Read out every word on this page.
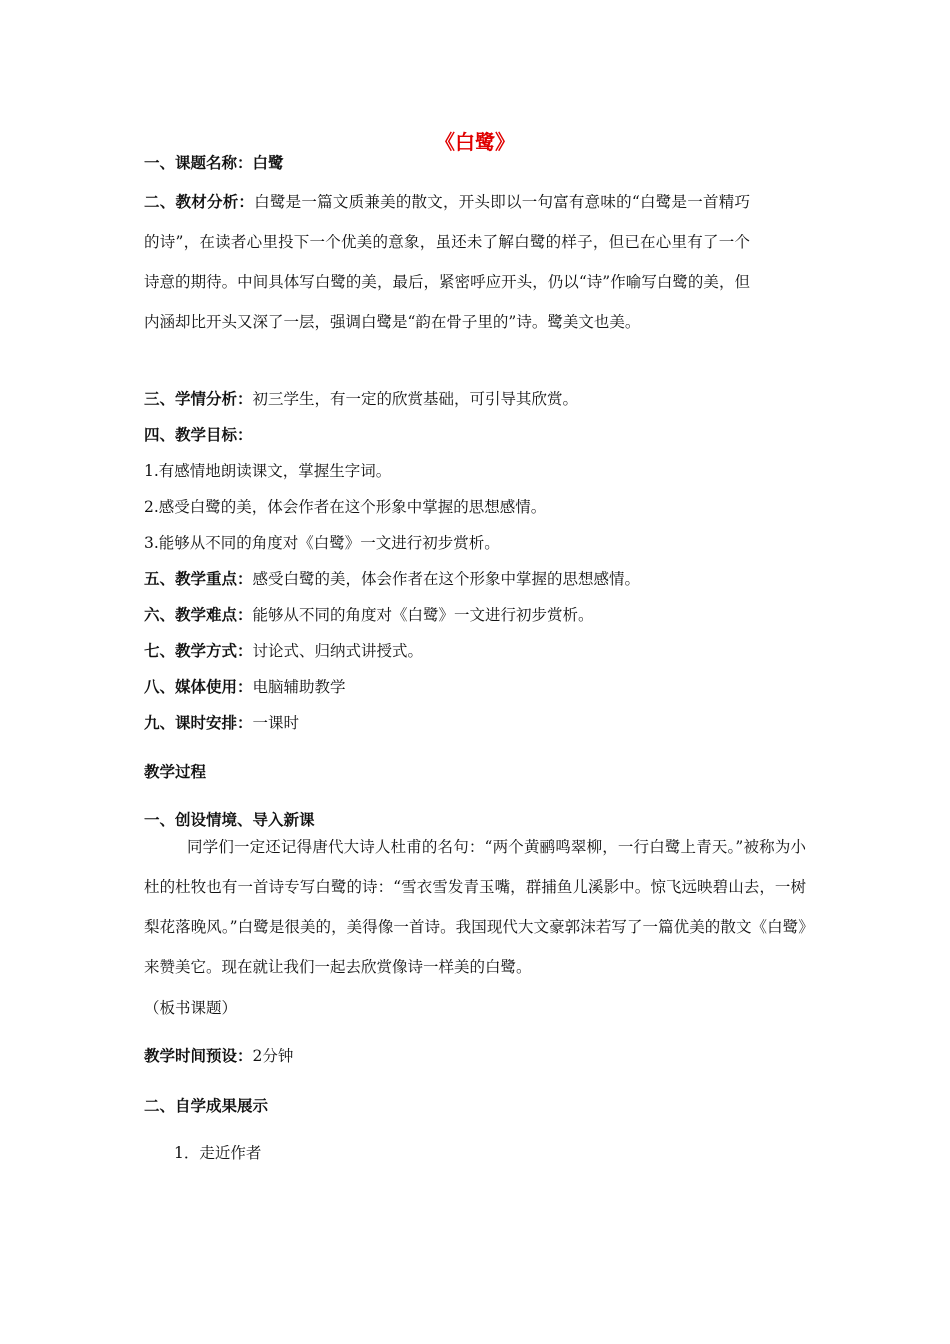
《白鹭》
一、课题名称：白鹭
二、教材分析：白鹭是一篇文质兼美的散文，开头即以一句富有意味的“白鹭是一首精巧的诗”，在读者心里投下一个优美的意象，虽还未了解白鹭的样子，但已在心里有了一个诗意的期待。中间具体写白鹭的美，最后，紧密呼应开头，仍以“诗”作喻写白鹭的美，但内涵却比开头又深了一层，强调白鹭是“韵在骨子里的”诗。鹭美文也美。
三、学情分析：初三学生，有一定的欣赏基础，可引导其欣赏。
四、教学目标：
1.有感情地朗读课文，掌握生字词。
2.感受白鹭的美，体会作者在这个形象中掌握的思想感情。
3.能够从不同的角度对《白鹭》一文进行初步赏析。
五、教学重点：感受白鹭的美，体会作者在这个形象中掌握的思想感情。
六、教学难点：能够从不同的角度对《白鹭》一文进行初步赏析。
七、教学方式：讨论式、归纳式讲授式。
八、媒体使用：电脑辅助教学
九、课时安排：一课时
教学过程
一、创设情境、导入新课
同学们一定还记得唐代大诗人杜甫的名句：“两个黄鹂鸣翠柳，一行白鹭上青天。”被称为小杜的杜牧也有一首诗专写白鹭的诗：“雪衣雪发青玉嘴，群捕鱼儿溪影中。惊飞远映碧山去，一树梨花落晚风。”白鹭是很美的，美得像一首诗。我国现代大文豪郭沫若写了一篇优美的散文《白鹭》来赞美它。现在就让我们一起去欣赏像诗一样美的白鹭。
（板书课题）
教学时间预设：2分钟
二、自学成果展示
1．走近作者
